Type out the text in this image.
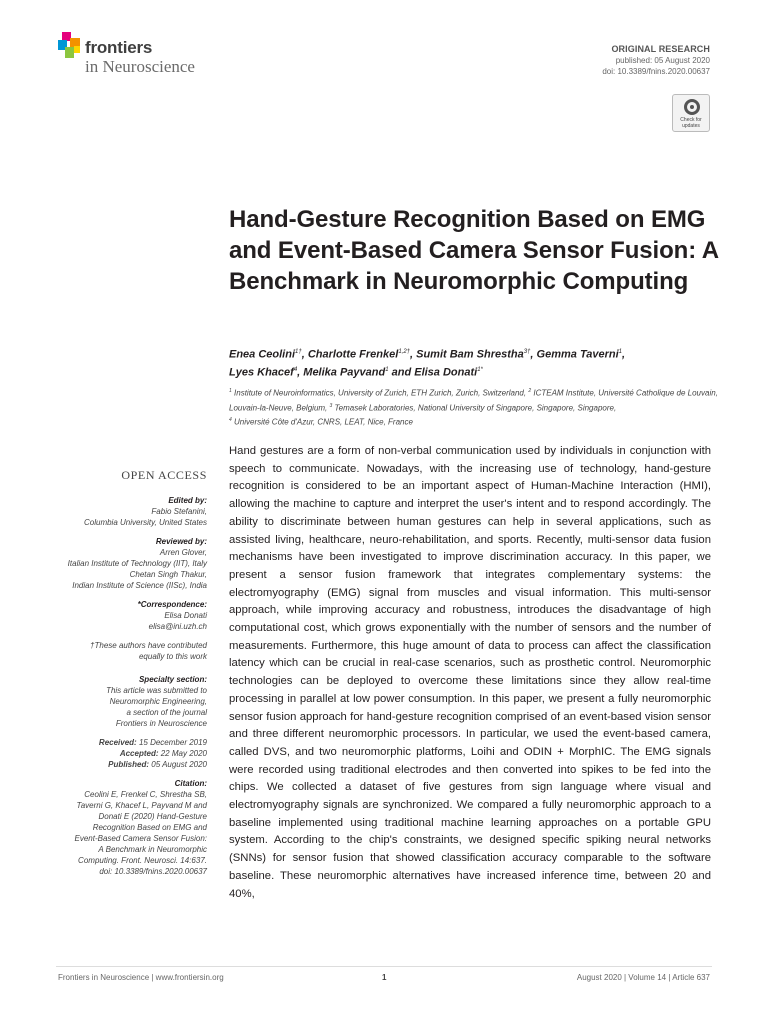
frontiers
in Neuroscience
ORIGINAL RESEARCH
published: 05 August 2020
doi: 10.3389/fnins.2020.00637
Check for updates
Hand-Gesture Recognition Based on EMG and Event-Based Camera Sensor Fusion: A Benchmark in Neuromorphic Computing
Enea Ceolini$^{1\dagger}$, Charlotte Frenkel$^{1,2\dagger}$, Sumit Bam Shrestha$^{3\dagger}$, Gemma Taverni$^1$,
Lyes Khacef$^4$, Melika Payvand$^1$ and Elisa Donati$^{1*}$
$^1$ Institute of Neuroinformatics, University of Zurich, ETH Zurich, Zurich, Switzerland, $^2$ ICTEAM Institute, Université Catholique de Louvain, Louvain-la-Neuve, Belgium, $^3$ Temasek Laboratories, National University of Singapore, Singapore, Singapore,
$^4$ Université Côte d'Azur, CNRS, LEAT, Nice, France
OPEN ACCESS
Edited by:
Fabio Stefanini,
Columbia University, United States
Reviewed by:
Arren Glover,
Italian Institute of Technology (IIT), Italy
Chetan Singh Thakur,
Indian Institute of Science (IISc), India
*Correspondence:
Elisa Donati
elisa@ini.uzh.ch
†These authors have contributed
equally to this work
Specialty section:
This article was submitted to
Neuromorphic Engineering,
a section of the journal
Frontiers in Neuroscience
Received: 15 December 2019
Accepted: 22 May 2020
Published: 05 August 2020
Citation:
Ceolini E, Frenkel C, Shrestha SB,
Taverni G, Khacef L, Payvand M and
Donati E (2020) Hand-Gesture
Recognition Based on EMG and
Event-Based Camera Sensor Fusion:
A Benchmark in Neuromorphic
Computing. Front. Neurosci. 14:637.
doi: 10.3389/fnins.2020.00637

Hand gestures are a form of non-verbal communication used by individuals in conjunction with speech to communicate. Nowadays, with the increasing use of technology, hand-gesture recognition is considered to be an important aspect of Human-Machine Interaction (HMI), allowing the machine to capture and interpret the user's intent and to respond accordingly. The ability to discriminate between human gestures can help in several applications, such as assisted living, healthcare, neuro-rehabilitation, and sports. Recently, multi-sensor data fusion mechanisms have been investigated to improve discrimination accuracy. In this paper, we present a sensor fusion framework that integrates complementary systems: the electromyography (EMG) signal from muscles and visual information. This multi-sensor approach, while improving accuracy and robustness, introduces the disadvantage of high computational cost, which grows exponentially with the number of sensors and the number of measurements. Furthermore, this huge amount of data to process can affect the classification latency which can be crucial in real-case scenarios, such as prosthetic control. Neuromorphic technologies can be deployed to overcome these limitations since they allow real-time processing in parallel at low power consumption. In this paper, we present a fully neuromorphic sensor fusion approach for hand-gesture recognition comprised of an event-based vision sensor and three different neuromorphic processors. In particular, we used the event-based camera, called DVS, and two neuromorphic platforms, Loihi and ODIN + MorphIC. The EMG signals were recorded using traditional electrodes and then converted into spikes to be fed into the chips. We collected a dataset of five gestures from sign language where visual and electromyography signals are synchronized. We compared a fully neuromorphic approach to a baseline implemented using traditional machine learning approaches on a portable GPU system. According to the chip's constraints, we designed specific spiking neural networks (SNNs) for sensor fusion that showed classification accuracy comparable to the software baseline. These neuromorphic alternatives have increased inference time, between 20 and 40%,

Frontiers in Neuroscience | www.frontiersin.org	1	August 2020 | Volume 14 | Article 637
